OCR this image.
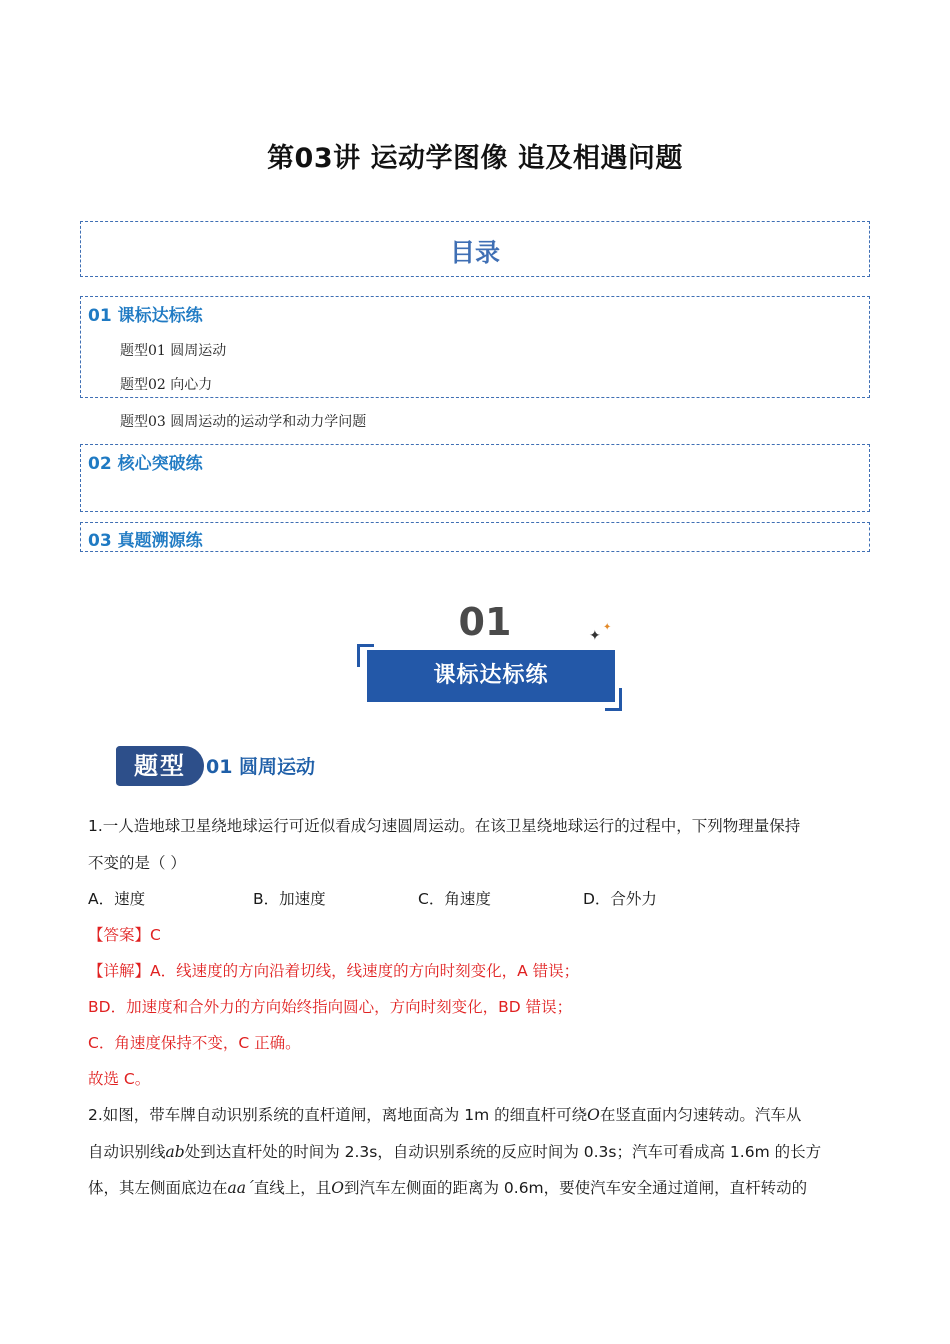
第03讲 运动学图像 追及相遇问题
目录
01 课标达标练
题型01 圆周运动
题型02 向心力
题型03 圆周运动的运动学和动力学问题
02 核心突破练
03 真题溯源练
01	✦
✦
课标达标练
题型	01 圆周运动
1.一人造地球卫星绕地球运行可近似看成匀速圆周运动。在该卫星绕地球运行的过程中，下列物理量保持
不变的是（ ）
A．速度	B．加速度	C．角速度	D．合外力
【答案】C
【详解】A．线速度的方向沿着切线，线速度的方向时刻变化，A 错误；
BD．加速度和合外力的方向始终指向圆心，方向时刻变化，BD 错误；
C．角速度保持不变，C 正确。
故选 C。
2.如图，带车牌自动识别系统的直杆道闸，离地面高为 1m 的细直杆可绕O在竖直面内匀速转动。汽车从
自动识别线ab处到达直杆处的时间为 2.3s，自动识别系统的反应时间为 0.3s；汽车可看成高 1.6m 的长方
体，其左侧面底边在aa´直线上，且O到汽车左侧面的距离为 0.6m，要使汽车安全通过道闸，直杆转动的
